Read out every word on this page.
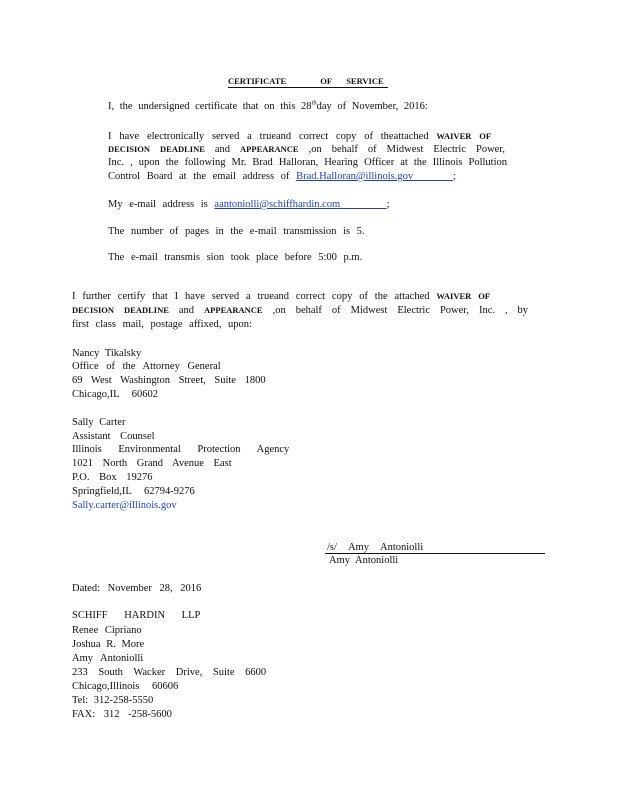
CERTIFICATE	OF SERVICE
I, the undersigned certificate that on this 28thday of November, 2016:
I have electronically served a trueand correct copy of theattached WAIVER OF
DECISION DEADLINE and APPEARANCE ,on behalf of Midwest Electric Power,
Inc. , upon the following Mr. Brad Halloran, Hearing Officer at the Illinois Pollution
Control Board at the email address of Brad.Halloran@illinois.gov	;
My e-mail address is aantoniolli@schiffhardin.com	;
The number of pages in the e-mail transmission is 5.
The e-mail transmis sion took place before 5:00 p.m.
I further certify that I have served a trueand correct copy of the attached WAIVER OF
DECISION DEADLINE and APPEARANCE ,on behalf of Midwest Electric Power, Inc. , by
first class mail, postage affixed, upon:
Nancy Tikalsky
Office of the Attorney General
69 West Washington Street, Suite 1800
Chicago,IL 60602
Sally Carter
Assistant Counsel
Illinois Environmental Protection Agency
1021 North Grand Avenue East
P.O. Box 19276
Springfield,IL 62794-9276
Sally.carter@illinois.gov
/s/ Amy Antoniolli
Amy Antoniolli
Dated: November 28, 2016
SCHIFF HARDIN LLP
Renee Cipriano
Joshua R. More
Amy Antoniolli
233 South Wacker Drive, Suite 6600
Chicago,Illinois 60606
Tel: 312-258-5550
FAX: 312 -258-5600
